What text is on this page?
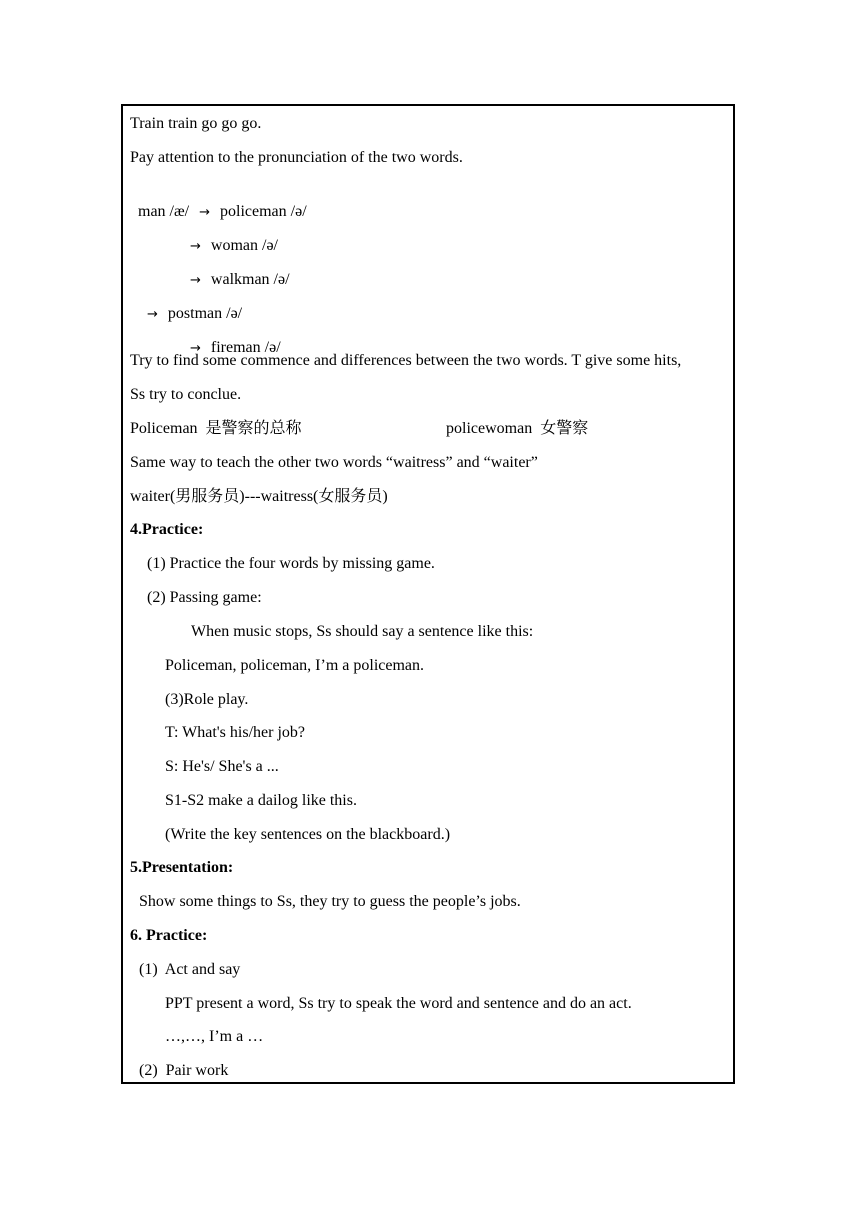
Train train go go go.
Pay attention to the pronunciation of the two words.

man /æ/ → policeman /ə/

→ woman /ə/

→ walkman /ə/

→ postman /ə/

→ fireman /ə/

Try to find some commence and differences between the two words. T give some hits,
Ss try to conclue.
Policeman  是警察的总称	policewoman  女警察
Same way to teach the other two words “waitress” and “waiter”
waiter(男服务员)---waitress(女服务员)
4.Practice:
(1) Practice the four words by missing game.
(2) Passing game:
When music stops, Ss should say a sentence like this:
Policeman, policeman, I’m a policeman.
(3)Role play.
T: What's his/her job?
S: He's/ She's a ...
S1-S2 make a dailog like this.
(Write the key sentences on the blackboard.)
5.Presentation:
Show some things to Ss, they try to guess the people’s jobs.
6. Practice:
(1)  Act and say
PPT present a word, Ss try to speak the word and sentence and do an act.
…,…, I’m a …
(2)  Pair work
